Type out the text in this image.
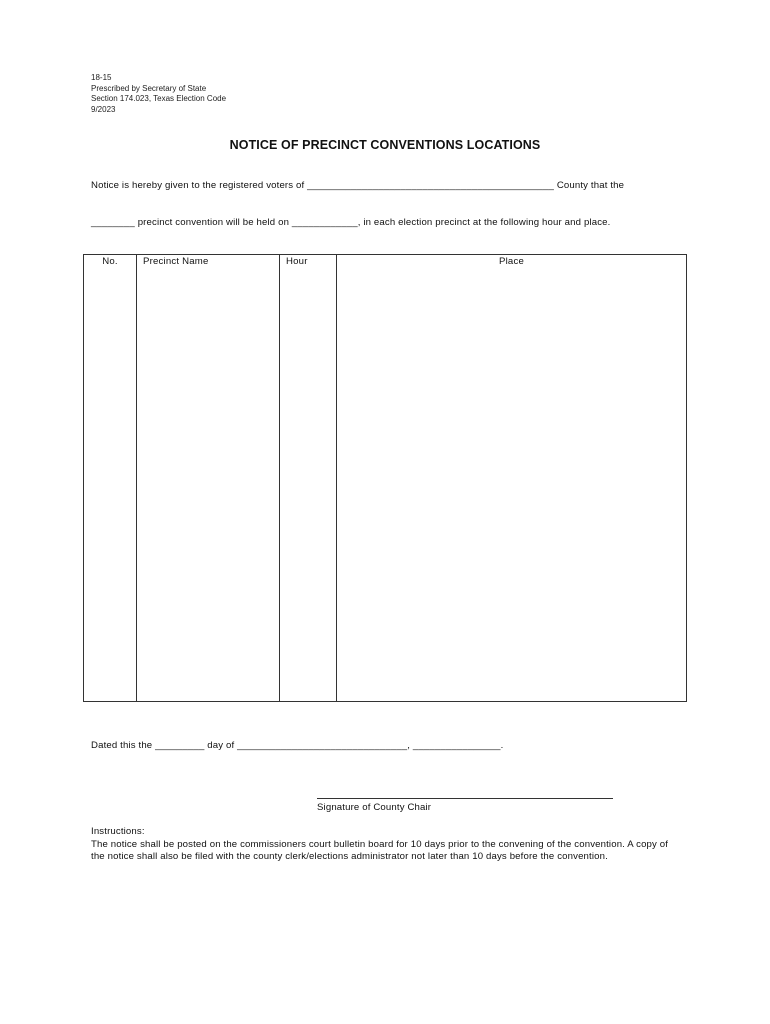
18-15
Prescribed by Secretary of State
Section 174.023, Texas Election Code
9/2023
NOTICE OF PRECINCT CONVENTIONS LOCATIONS
Notice is hereby given to the registered voters of _____________________________________________ County that the
________ precinct convention will be held on ____________, in each election precinct at the following hour and place.
No.	Precinct Name	Hour	Place

Dated this the _________ day of _______________________________, ________________.
Signature of County Chair
Instructions:
The notice shall be posted on the commissioners court bulletin board for 10 days prior to the convening of the convention. A copy of the notice shall also be filed with the county clerk/elections administrator not later than 10 days before the convention.
